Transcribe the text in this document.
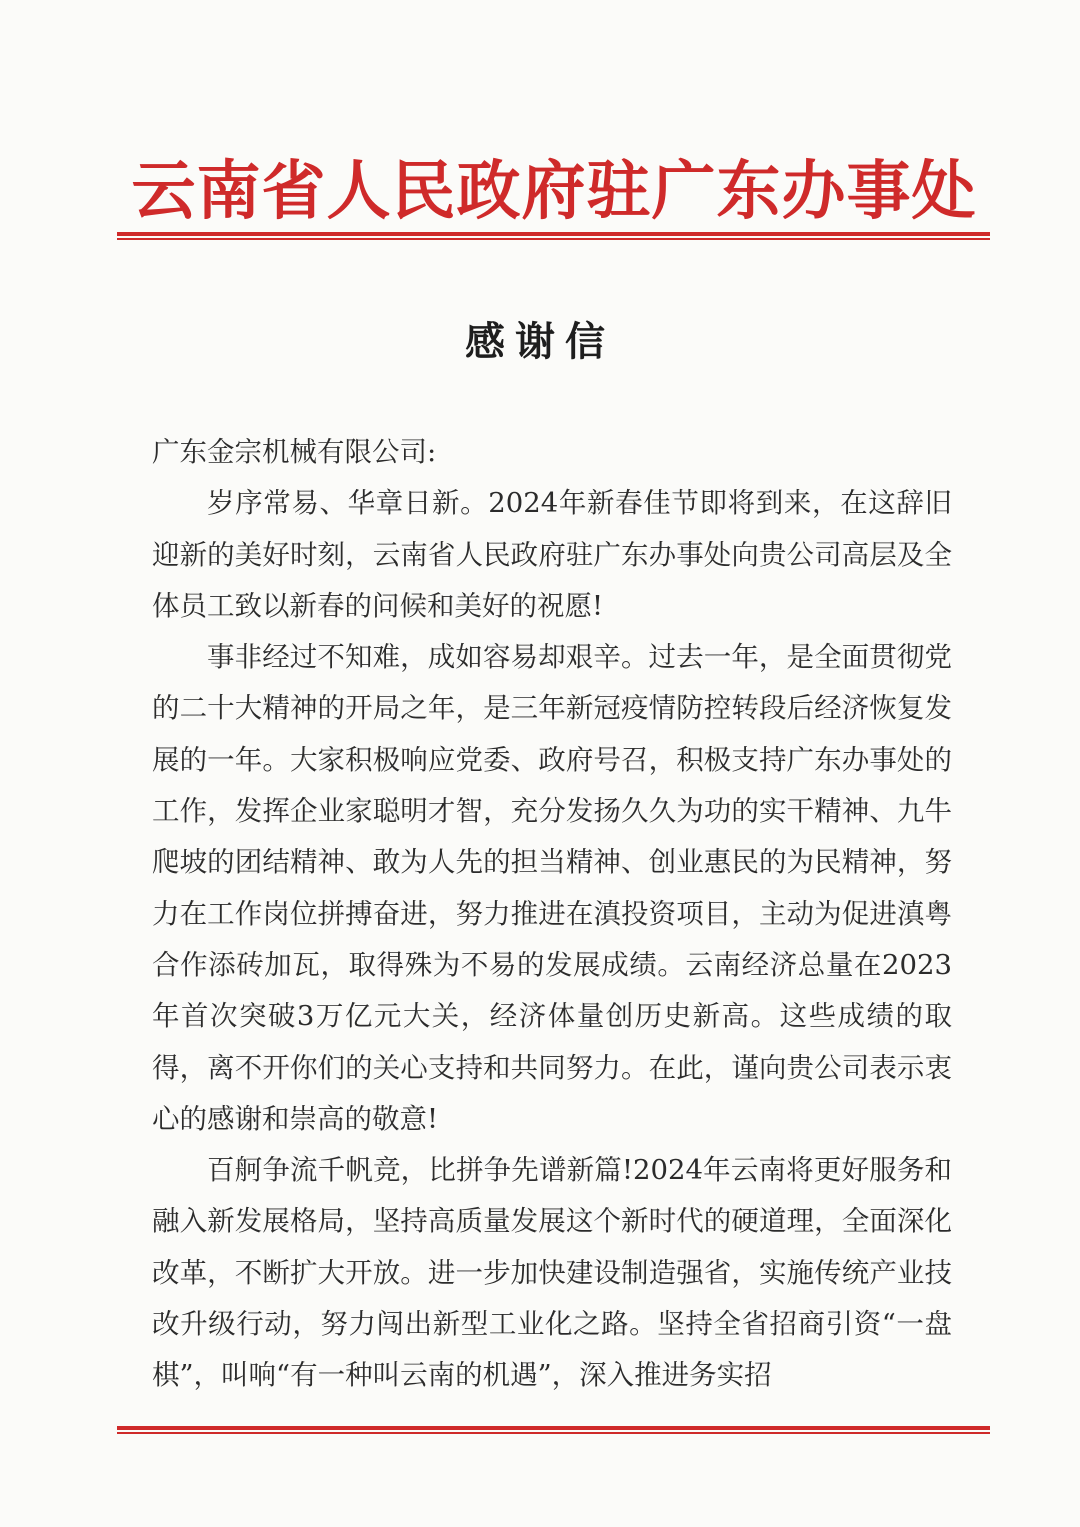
云南省人民政府驻广东办事处
感谢信

广东金宗机械有限公司:

岁序常易、华章日新。2024年新春佳节即将到来，在这辞旧迎新的美好时刻，云南省人民政府驻广东办事处向贵公司高层及全体员工致以新春的问候和美好的祝愿!

事非经过不知难，成如容易却艰辛。过去一年，是全面贯彻党的二十大精神的开局之年，是三年新冠疫情防控转段后经济恢复发展的一年。大家积极响应党委、政府号召，积极支持广东办事处的工作，发挥企业家聪明才智，充分发扬久久为功的实干精神、九牛爬坡的团结精神、敢为人先的担当精神、创业惠民的为民精神，努力在工作岗位拼搏奋进，努力推进在滇投资项目，主动为促进滇粤合作添砖加瓦，取得殊为不易的发展成绩。云南经济总量在2023年首次突破3万亿元大关，经济体量创历史新高。这些成绩的取得，离不开你们的关心支持和共同努力。在此，谨向贵公司表示衷心的感谢和崇高的敬意!

百舸争流千帆竞，比拼争先谱新篇!2024年云南将更好服务和融入新发展格局，坚持高质量发展这个新时代的硬道理，全面深化改革，不断扩大开放。进一步加快建设制造强省，实施传统产业技改升级行动，努力闯出新型工业化之路。坚持全省招商引资“一盘棋”，叫响“有一种叫云南的机遇”，深入推进务实招
